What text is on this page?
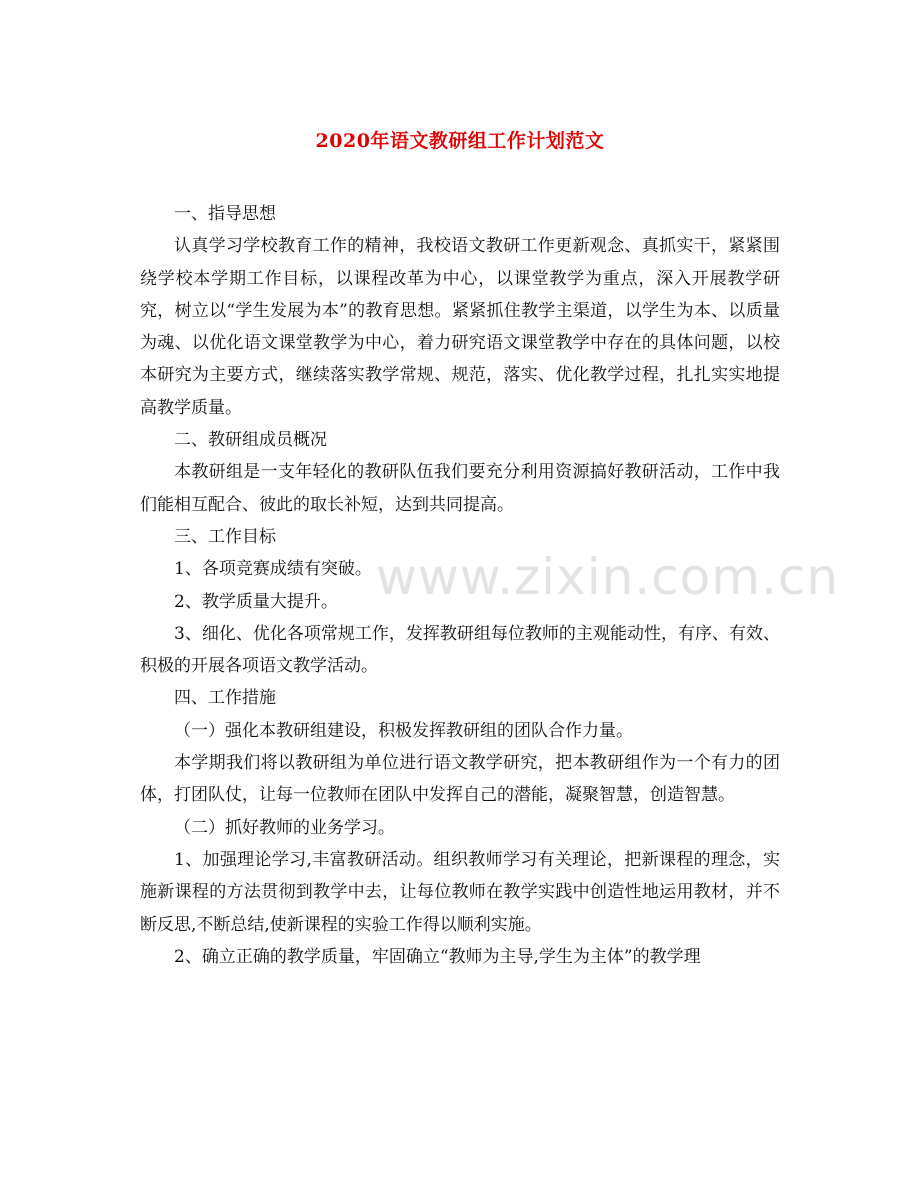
2020年语文教研组工作计划范文
www.zixin.com.cn

一、指导思想

认真学习学校教育工作的精神，我校语文教研工作更新观念、真抓实干，紧紧围绕学校本学期工作目标，以课程改革为中心，以课堂教学为重点，深入开展教学研究，树立以“学生发展为本”的教育思想。紧紧抓住教学主渠道，以学生为本、以质量为魂、以优化语文课堂教学为中心，着力研究语文课堂教学中存在的具体问题，以校本研究为主要方式，继续落实教学常规、规范，落实、优化教学过程，扎扎实实地提高教学质量。

二、教研组成员概况

本教研组是一支年轻化的教研队伍我们要充分利用资源搞好教研活动，工作中我们能相互配合、彼此的取长补短，达到共同提高。

三、工作目标

1、各项竞赛成绩有突破。

2、教学质量大提升。

3、细化、优化各项常规工作，发挥教研组每位教师的主观能动性，有序、有效、积极的开展各项语文教学活动。

四、工作措施

（一）强化本教研组建设，积极发挥教研组的团队合作力量。

本学期我们将以教研组为单位进行语文教学研究，把本教研组作为一个有力的团体，打团队仗，让每一位教师在团队中发挥自己的潜能，凝聚智慧，创造智慧。

（二）抓好教师的业务学习。

1、加强理论学习,丰富教研活动。组织教师学习有关理论，把新课程的理念，实施新课程的方法贯彻到教学中去，让每位教师在教学实践中创造性地运用教材，并不断反思,不断总结,使新课程的实验工作得以顺利实施。

2、确立正确的教学质量，牢固确立“教师为主导,学生为主体”的教学理
